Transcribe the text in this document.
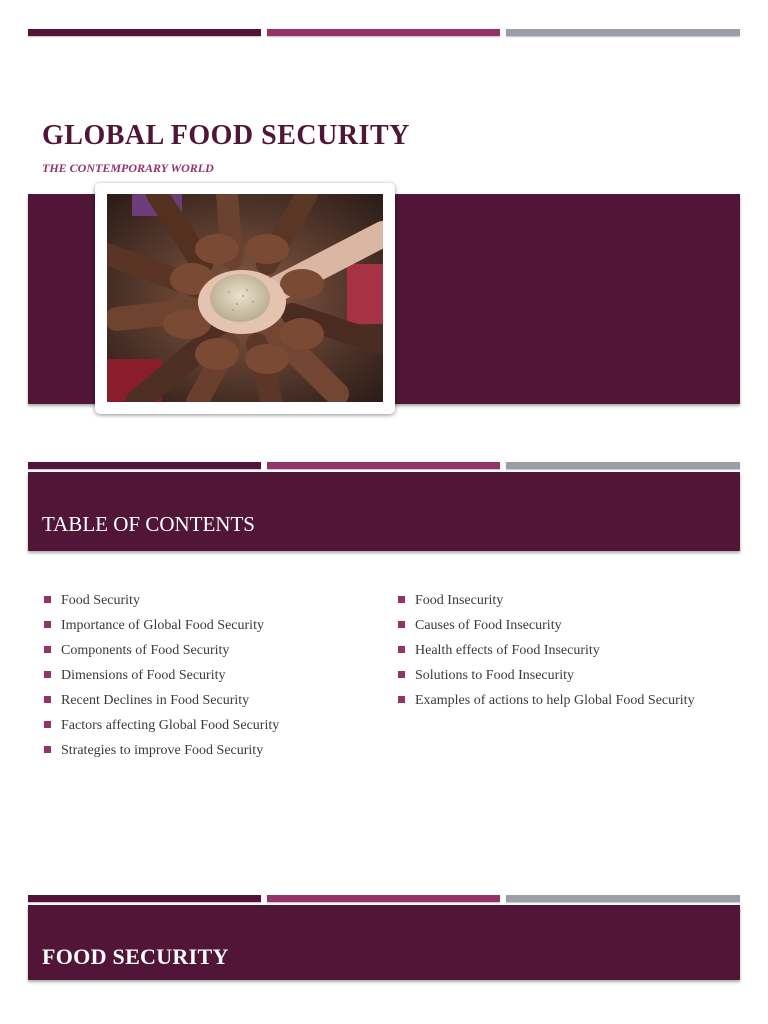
GLOBAL FOOD SECURITY

THE CONTEMPORARY WORLD

TABLE OF CONTENTS
Food Security
Importance of Global Food Security
Components of Food Security
Dimensions of Food Security
Recent Declines in Food Security
Factors affecting Global Food Security
Strategies to improve Food Security
Food Insecurity
Causes of Food Insecurity
Health effects of Food Insecurity
Solutions to Food Insecurity
Examples of actions to help Global Food Security
FOOD SECURITY
